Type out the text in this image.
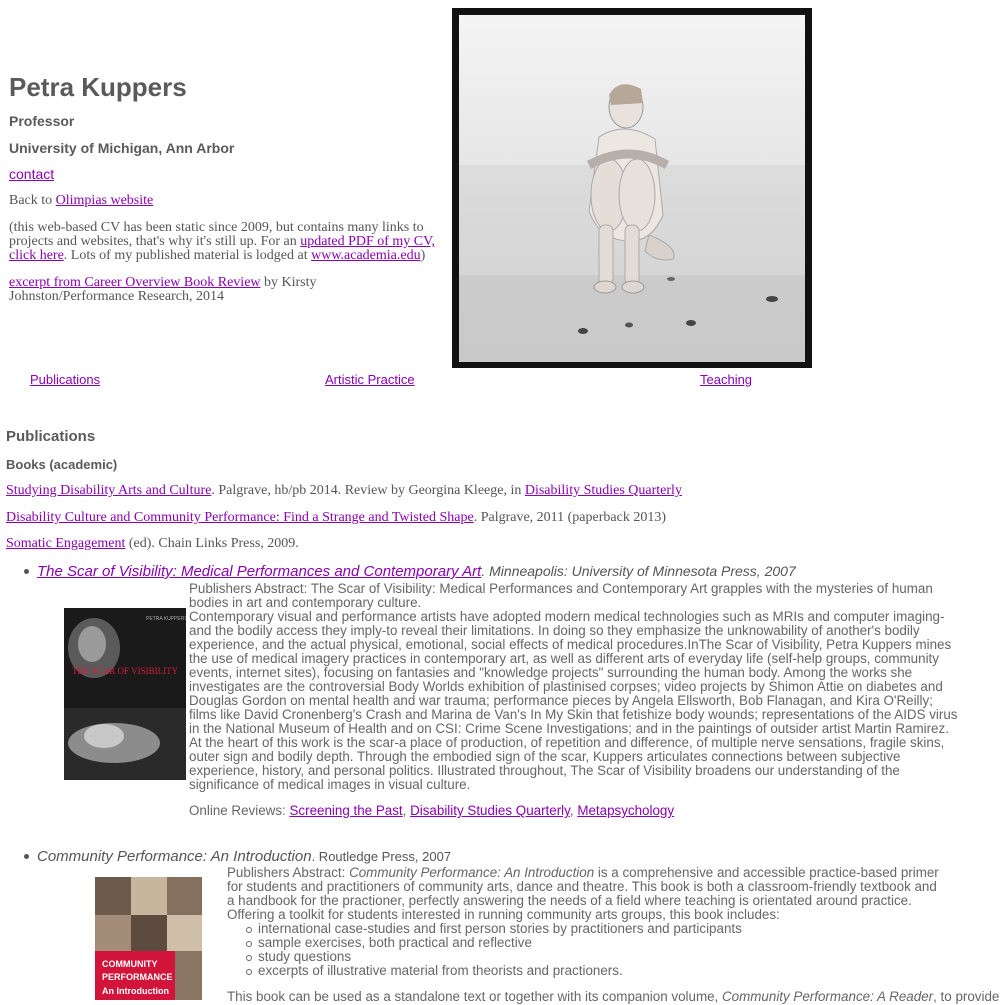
Petra Kuppers
Professor
University of Michigan, Ann Arbor
contact
Back to Olimpias website
(this web-based CV has been static since 2009, but contains many links to projects and websites, that's why it's still up. For an updated PDF of my CV, click here. Lots of my published material is lodged at www.academia.edu)
excerpt from Career Overview Book Review by Kirsty Johnston/Performance Research, 2014
Publications	Artistic Practice	Teaching
Publications
Books (academic)
Studying Disability Arts and Culture. Palgrave, hb/pb 2014. Review by Georgina Kleege, in Disability Studies Quarterly
Disability Culture and Community Performance: Find a Strange and Twisted Shape. Palgrave, 2011 (paperback 2013)
Somatic Engagement (ed). Chain Links Press, 2009.
The Scar of Visibility: Medical Performances and Contemporary Art. Minneapolis: University of Minnesota Press, 2007
PETRA KUPPERS
THE SCAR OF VISIBILITY
Publishers Abstract: The Scar of Visibility: Medical Performances and Contemporary Art grapples with the mysteries of human bodies in art and contemporary culture.
Contemporary visual and performance artists have adopted modern medical technologies such as MRIs and computer imaging-and the bodily access they imply-to reveal their limitations. In doing so they emphasize the unknowability of another's bodily experience, and the actual physical, emotional, social effects of medical procedures.InThe Scar of Visibility, Petra Kuppers mines the use of medical imagery practices in contemporary art, as well as different arts of everyday life (self-help groups, community events, internet sites), focusing on fantasies and "knowledge projects" surrounding the human body. Among the works she investigates are the controversial Body Worlds exhibition of plastinised corpses; video projects by Shimon Attie on diabetes and Douglas Gordon on mental health and war trauma; performance pieces by Angela Ellsworth, Bob Flanagan, and Kira O'Reilly; films like David Cronenberg's Crash and Marina de Van's In My Skin that fetishize body wounds; representations of the AIDS virus in the National Museum of Health and on CSI: Crime Scene Investigations; and in the paintings of outsider artist Martin Ramirez. At the heart of this work is the scar-a place of production, of repetition and difference, of multiple nerve sensations, fragile skins, outer sign and bodily depth. Through the embodied sign of the scar, Kuppers articulates connections between subjective experience, history, and personal politics. Illustrated throughout, The Scar of Visibility broadens our understanding of the significance of medical images in visual culture.
Online Reviews: Screening the Past, Disability Studies Quarterly, Metapsychology
Community Performance: An Introduction. Routledge Press, 2007
COMMUNITY
PERFORMANCE
An Introduction
Publishers Abstract: Community Performance: An Introduction is a comprehensive and accessible practice-based primer for students and practitioners of community arts, dance and theatre. This book is both a classroom-friendly textbook and a handbook for the practioner, perfectly answering the needs of a field where teaching is orientated around practice. Offering a toolkit for students interested in running community arts groups, this book includes:
international case-studies and first person stories by practitioners and participants
sample exercises, both practical and reflective
study questions
excerpts of illustrative material from theorists and practioners.
This book can be used as a standalone text or together with its companion volume, Community Performance: A Reader, to provide
